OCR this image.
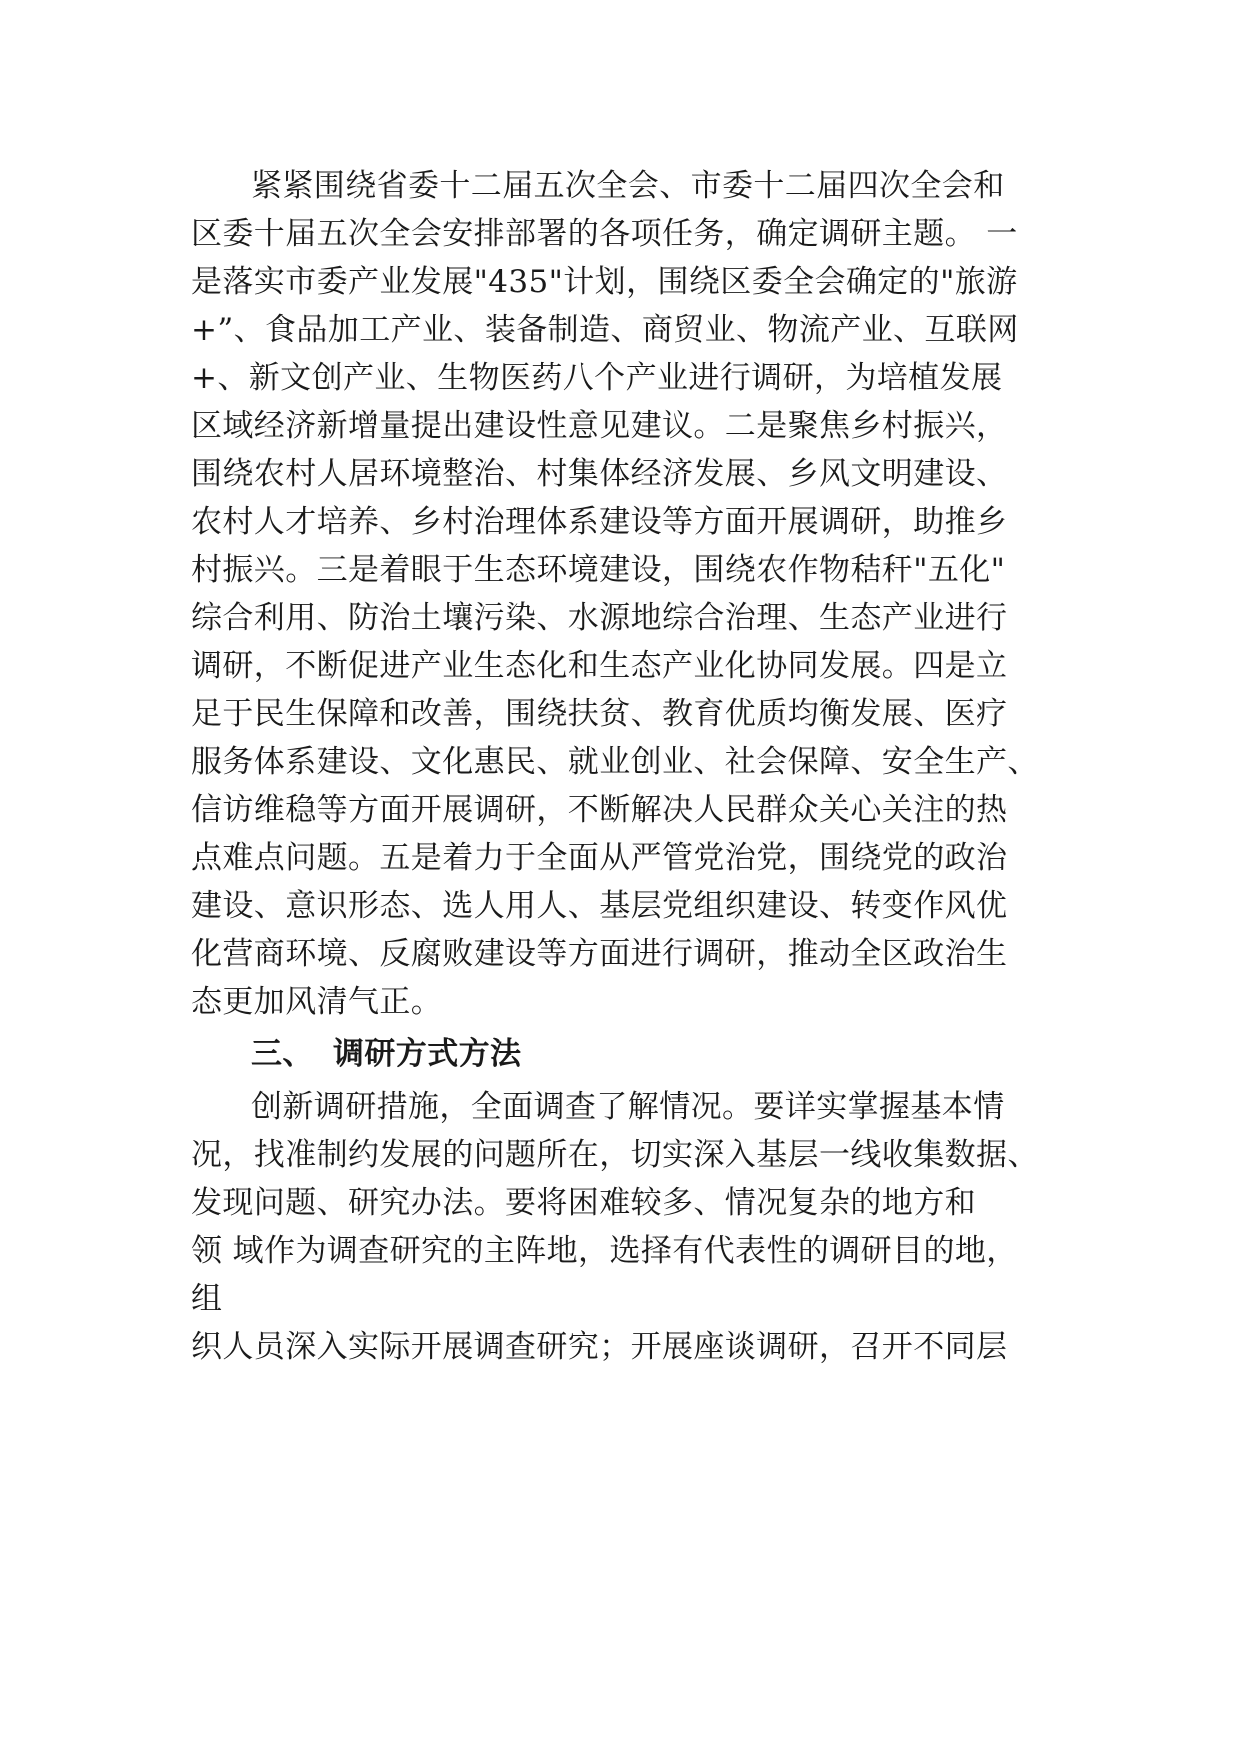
紧紧围绕省委十二届五次全会、市委十二届四次全会和
区委十届五次全会安排部署的各项任务，确定调研主题。 一
是落实市委产业发展"435"计划，围绕区委全会确定的"旅游
+”、食品加工产业、装备制造、商贸业、物流产业、互联网
+、新文创产业、生物医药八个产业进行调研，为培植发展
区域经济新增量提出建设性意见建议。二是聚焦乡村振兴，
围绕农村人居环境整治、村集体经济发展、乡风文明建设、
农村人才培养、乡村治理体系建设等方面开展调研，助推乡
村振兴。三是着眼于生态环境建设，围绕农作物秸秆"五化"
综合利用、防治土壤污染、水源地综合治理、生态产业进行
调研，不断促进产业生态化和生态产业化协同发展。四是立
足于民生保障和改善，围绕扶贫、教育优质均衡发展、医疗
服务体系建设、文化惠民、就业创业、社会保障、安全生产、
信访维稳等方面开展调研，不断解决人民群众关心关注的热
点难点问题。五是着力于全面从严管党治党，围绕党的政治
建设、意识形态、选人用人、基层党组织建设、转变作风优
化营商环境、反腐败建设等方面进行调研，推动全区政治生
态更加风清气正。
三、 调研方式方法
创新调研措施，全面调查了解情况。要详实掌握基本情
况，找准制约发展的问题所在，切实深入基层一线收集数据、
发现问题、研究办法。要将困难较多、情况复杂的地方和
领 域作为调查研究的主阵地，选择有代表性的调研目的地，
组
织人员深入实际开展调查研究；开展座谈调研，召开不同层
